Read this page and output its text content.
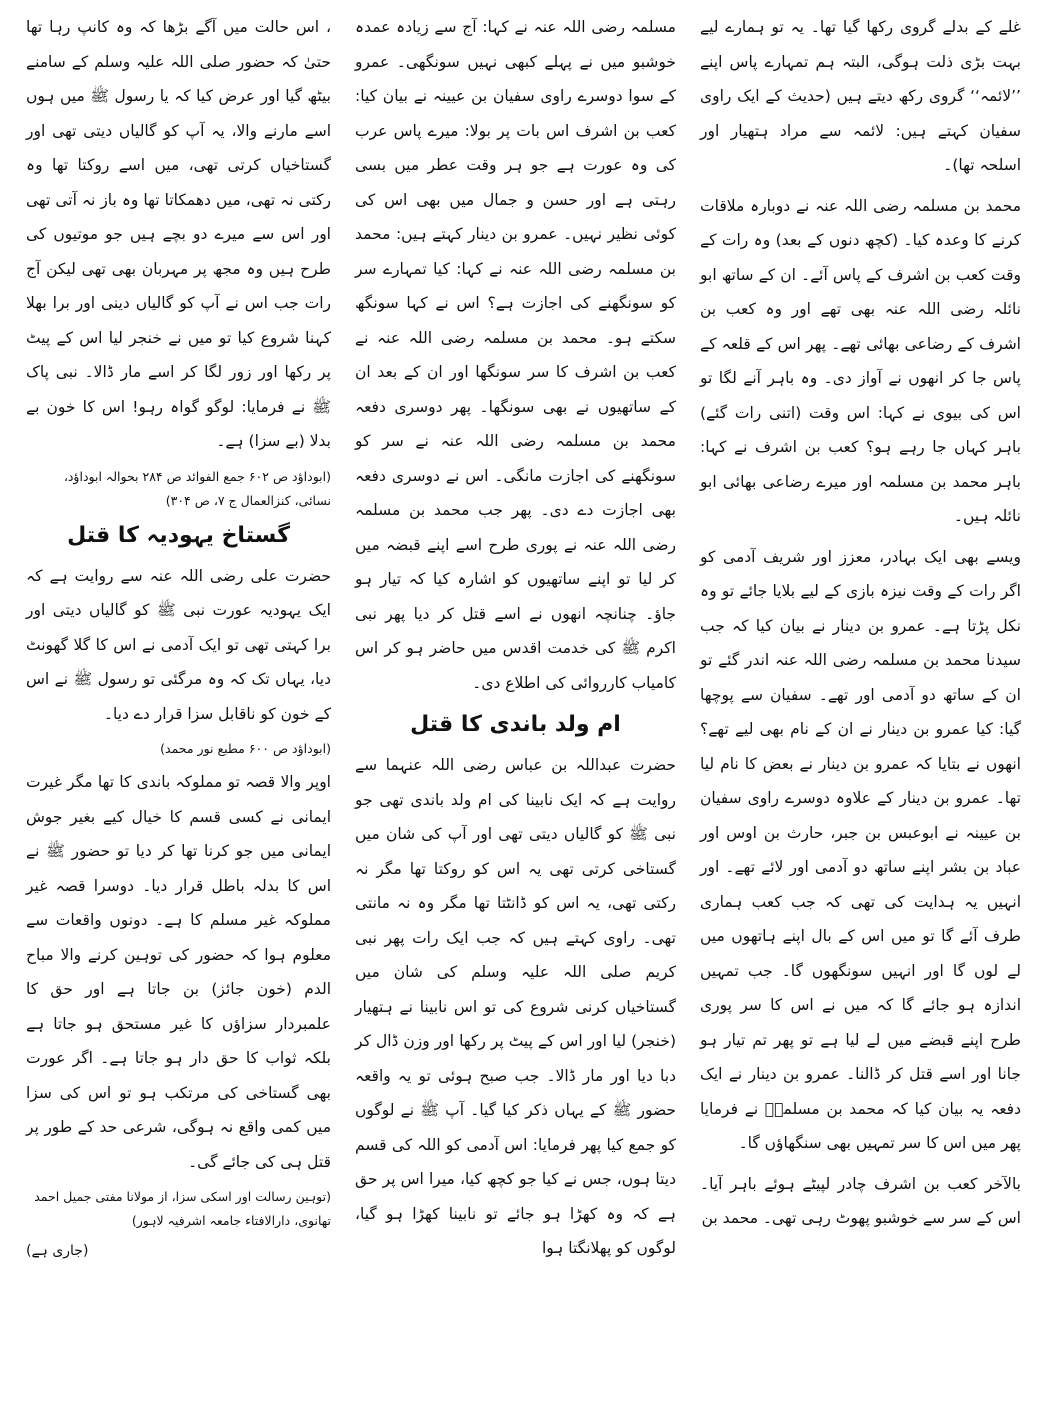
غلے کے بدلے گروی رکھا گیا تھا۔ یہ تو ہمارے لیے بہت بڑی ذلت ہوگی، البتہ ہم تمہارے پاس اپنے ’’لائمہ‘‘ گروی رکھ دیتے ہیں (حدیث کے ایک راوی سفیان کہتے ہیں: لائمہ سے مراد ہتھیار اور اسلحہ تھا)۔

محمد بن مسلمہ رضی اللہ عنہ نے دوبارہ ملاقات کرنے کا وعدہ کیا۔ (کچھ دنوں کے بعد) وہ رات کے وقت کعب بن اشرف کے پاس آئے۔ ان کے ساتھ ابو نائلہ رضی اللہ عنہ بھی تھے اور وہ کعب بن اشرف کے رضاعی بھائی تھے۔ پھر اس کے قلعہ کے پاس جا کر انھوں نے آواز دی۔ وہ باہر آنے لگا تو اس کی بیوی نے کہا: اس وقت (اتنی رات گئے) باہر کہاں جا رہے ہو؟ کعب بن اشرف نے کہا: باہر محمد بن مسلمہ اور میرے رضاعی بھائی ابو نائلہ ہیں۔

ویسے بھی ایک بہادر، معزز اور شریف آدمی کو اگر رات کے وقت نیزہ بازی کے لیے بلایا جائے تو وہ نکل پڑتا ہے۔ عمرو بن دینار نے بیان کیا کہ جب سیدنا محمد بن مسلمہ رضی اللہ عنہ اندر گئے تو ان کے ساتھ دو آدمی اور تھے۔ سفیان سے پوچھا گیا: کیا عمرو بن دینار نے ان کے نام بھی لیے تھے؟ انھوں نے بتایا کہ عمرو بن دینار نے بعض کا نام لیا تھا۔ عمرو بن دینار کے علاوہ دوسرے راوی سفیان بن عیینہ نے ابوعبس بن جبر، حارث بن اوس اور عباد بن بشر اپنے ساتھ دو آدمی اور لائے تھے۔ اور انہیں یہ ہدایت کی تھی کہ جب کعب ہماری طرف آئے گا تو میں اس کے بال اپنے ہاتھوں میں لے لوں گا اور انہیں سونگھوں گا۔ جب تمہیں اندازہ ہو جائے گا کہ میں نے اس کا سر پوری طرح اپنے قبضے میں لے لیا ہے تو پھر تم تیار ہو جانا اور اسے قتل کر ڈالنا۔ عمرو بن دینار نے ایک دفعہ یہ بیان کیا کہ محمد بن مسلمہؓ نے فرمایا پھر میں اس کا سر تمہیں بھی سنگھاؤں گا۔

بالآخر کعب بن اشرف چادر لپیٹے ہوئے باہر آیا۔ اس کے سر سے خوشبو پھوٹ رہی تھی۔ محمد بن

مسلمہ رضی اللہ عنہ نے کہا: آج سے زیادہ عمدہ خوشبو میں نے پہلے کبھی نہیں سونگھی۔ عمرو کے سوا دوسرے راوی سفیان بن عیینہ نے بیان کیا: کعب بن اشرف اس بات پر بولا: میرے پاس عرب کی وہ عورت ہے جو ہر وقت عطر میں بسی رہتی ہے اور حسن و جمال میں بھی اس کی کوئی نظیر نہیں۔ عمرو بن دینار کہتے ہیں: محمد بن مسلمہ رضی اللہ عنہ نے کہا: کیا تمہارے سر کو سونگھنے کی اجازت ہے؟ اس نے کہا سونگھ سکتے ہو۔ محمد بن مسلمہ رضی اللہ عنہ نے کعب بن اشرف کا سر سونگھا اور ان کے بعد ان کے ساتھیوں نے بھی سونگھا۔ پھر دوسری دفعہ محمد بن مسلمہ رضی اللہ عنہ نے سر کو سونگھنے کی اجازت مانگی۔ اس نے دوسری دفعہ بھی اجازت دے دی۔ پھر جب محمد بن مسلمہ رضی اللہ عنہ نے پوری طرح اسے اپنے قبضہ میں کر لیا تو اپنے ساتھیوں کو اشارہ کیا کہ تیار ہو جاؤ۔ چنانچہ انھوں نے اسے قتل کر دیا پھر نبی اکرم ﷺ کی خدمت اقدس میں حاضر ہو کر اس کامیاب کارروائی کی اطلاع دی۔

ام ولد باندی کا قتل

حضرت عبداللہ بن عباس رضی اللہ عنہما سے روایت ہے کہ ایک نابینا کی ام ولد باندی تھی جو نبی ﷺ کو گالیاں دیتی تھی اور آپ کی شان میں گستاخی کرتی تھی یہ اس کو روکتا تھا مگر نہ رکتی تھی، یہ اس کو ڈانٹتا تھا مگر وہ نہ مانتی تھی۔ راوی کہتے ہیں کہ جب ایک رات پھر نبی کریم صلی اللہ علیہ وسلم کی شان میں گستاخیاں کرنی شروع کی تو اس نابینا نے ہتھیار (خنجر) لیا اور اس کے پیٹ پر رکھا اور وزن ڈال کر دبا دیا اور مار ڈالا۔ جب صبح ہوئی تو یہ واقعہ حضور ﷺ کے یہاں ذکر کیا گیا۔ آپ ﷺ نے لوگوں کو جمع کیا پھر فرمایا: اس آدمی کو اللہ کی قسم دیتا ہوں، جس نے کیا جو کچھ کیا، میرا اس پر حق ہے کہ وہ کھڑا ہو جائے تو نابینا کھڑا ہو گیا، لوگوں کو پھلانگتا ہوا

، اس حالت میں آگے بڑھا کہ وہ کانپ رہا تھا حتیٰ کہ حضور صلی اللہ علیہ وسلم کے سامنے بیٹھ گیا اور عرض کیا کہ یا رسول ﷺ میں ہوں اسے مارنے والا، یہ آپ کو گالیاں دیتی تھی اور گستاخیاں کرتی تھی، میں اسے روکتا تھا وہ رکتی نہ تھی، میں دھمکاتا تھا وہ باز نہ آتی تھی اور اس سے میرے دو بچے ہیں جو موتیوں کی طرح ہیں وہ مجھ پر مہربان بھی تھی لیکن آج رات جب اس نے آپ کو گالیاں دینی اور برا بھلا کہنا شروع کیا تو میں نے خنجر لیا اس کے پیٹ پر رکھا اور زور لگا کر اسے مار ڈالا۔ نبی پاک ﷺ نے فرمایا: لوگو گواہ رہو! اس کا خون بے بدلا (بے سزا) ہے۔

(ابوداؤد ص ۶۰۲ جمع الفوائد ص ۲۸۴ بحوالہ ابوداؤد، نسائی، کنزالعمال ج ۷، ص ۳۰۴)
گستاخ یہودیہ کا قتل

حضرت علی رضی اللہ عنہ سے روایت ہے کہ ایک یہودیہ عورت نبی ﷺ کو گالیاں دیتی اور برا کہتی تھی تو ایک آدمی نے اس کا گلا گھونٹ دیا، یہاں تک کہ وہ مرگئی تو رسول ﷺ نے اس کے خون کو ناقابل سزا قرار دے دیا۔

(ابوداؤد ص ۶۰۰ مطبع نور محمد)

اوپر والا قصہ تو مملوکہ باندی کا تھا مگر غیرت ایمانی نے کسی قسم کا خیال کیے بغیر جوش ایمانی میں جو کرنا تھا کر دیا تو حضور ﷺ نے اس کا بدلہ باطل قرار دیا۔ دوسرا قصہ غیر مملوکہ غیر مسلم کا ہے۔ دونوں واقعات سے معلوم ہوا کہ حضور کی توہین کرنے والا مباح الدم (خون جائز) بن جاتا ہے اور حق کا علمبردار سزاؤں کا غیر مستحق ہو جاتا ہے بلکہ ثواب کا حق دار ہو جاتا ہے۔ اگر عورت بھی گستاخی کی مرتکب ہو تو اس کی سزا میں کمی واقع نہ ہوگی، شرعی حد کے طور پر قتل ہی کی جائے گی۔

(توہین رسالت اور اسکی سزا، از مولانا مفتی جمیل احمد تھانوی، دارالافتاء جامعہ اشرفیہ لاہور)
(جاری ہے)
